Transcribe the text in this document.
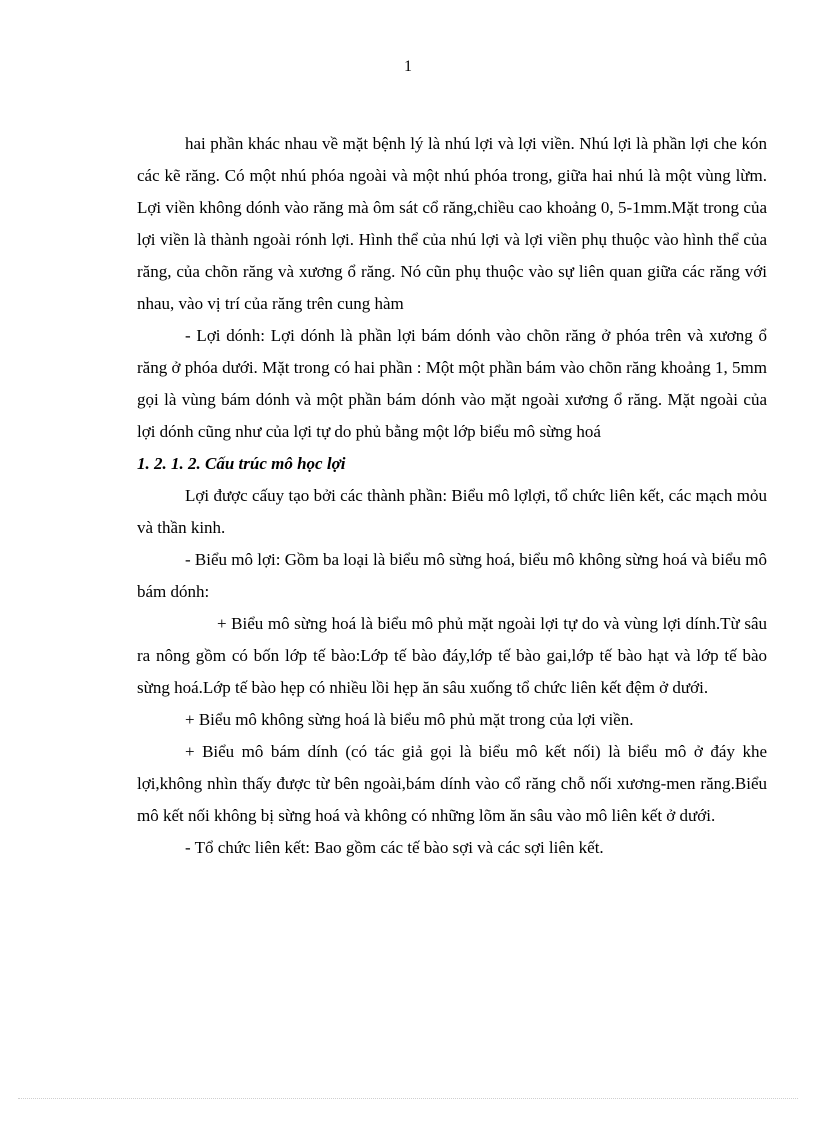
1

hai phần khác nhau về mặt bệnh lý là nhú lợi và lợi viền. Nhú lợi là phần lợi che kón các kẽ răng. Có một nhú phóa ngoài và một nhú phóa trong, giữa hai nhú là một vùng lừm. Lợi viền không dónh vào răng mà ôm sát cổ răng,chiều cao khoảng 0, 5-1mm.Mặt trong của lợi viền là thành ngoài rónh lợi. Hình thể của nhú lợi và lợi viền phụ thuộc vào hình thể của răng, của chõn răng và xương ổ răng. Nó cũn phụ thuộc vào sự liên quan giữa các răng với nhau, vào vị trí của răng trên cung hàm

- Lợi dónh: Lợi dónh là phần lợi bám dónh vào chõn răng ở phóa trên và xương ổ răng ở phóa dưới. Mặt trong có hai phần : Một một phần bám vào chõn răng khoảng 1, 5mm gọi là vùng bám dónh và một phần bám dónh vào mặt ngoài xương ổ răng. Mặt ngoài của lợi dónh cũng như của lợi tự do phủ bằng một lớp biểu mô sừng hoá

1. 2. 1. 2. Cấu trúc mô học lợi

Lợi được cấuy tạo bởi các thành phần: Biểu mô lợlợi, tổ chức liên kết, các mạch mỏu và thần kinh.

- Biểu mô lợi: Gồm ba loại là biểu mô sừng hoá, biểu mô không sừng hoá và biểu mô bám dónh:

+ Biểu mô sừng hoá là biểu mô phủ mặt ngoài lợi tự do và vùng lợi dính.Từ sâu ra nông gồm có bốn lớp tế bào:Lớp tế bào đáy,lớp tế bào gai,lớp tế bào hạt và lớp tế bào sừng hoá.Lớp tế bào hẹp có nhiều lồi hẹp ăn sâu xuống tổ chức liên kết đệm ở dưới.

+ Biểu mô không sừng hoá là biểu mô phủ mặt trong của lợi viền.

+ Biểu mô bám dính (có tác giả gọi là biểu mô kết nối) là biểu mô ở đáy khe lợi,không nhìn thấy được từ bên ngoài,bám dính vào cổ răng chỗ nối xương-men răng.Biểu mô kết nối không bị sừng hoá và không có những lõm ăn sâu vào mô liên kết ở dưới.

- Tổ chức liên kết: Bao gồm các tế bào sợi và các sợi liên kết.
